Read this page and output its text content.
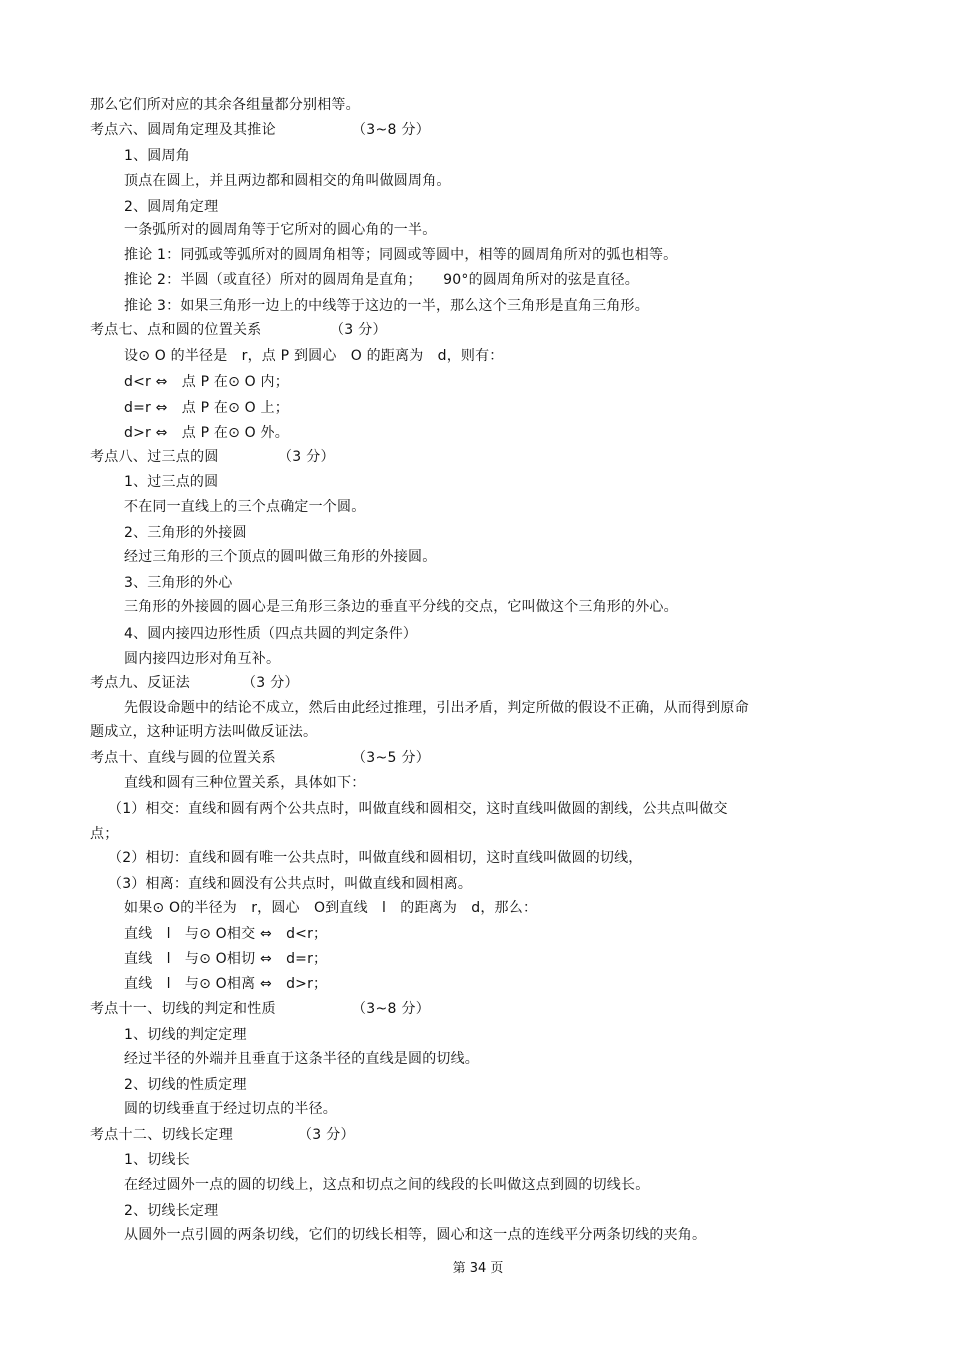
那么它们所对应的其余各组量都分别相等。
考点六、圆周角定理及其推论	（3~8 分）
1、圆周角
顶点在圆上，并且两边都和圆相交的角叫做圆周角。
2、圆周角定理
一条弧所对的圆周角等于它所对的圆心角的一半。
推论 1：同弧或等弧所对的圆周角相等；同圆或等圆中，相等的圆周角所对的弧也相等。
推论 2：半圆（或直径）所对的圆周角是直角；　　90°的圆周角所对的弦是直径。
推论 3：如果三角形一边上的中线等于这边的一半，那么这个三角形是直角三角形。
考点七、点和圆的位置关系	（3 分）
设⊙ O 的半径是　r，点 P 到圆心　O 的距离为　d，则有：
d<r ⇔　点 P 在⊙ O 内；
d=r ⇔　点 P 在⊙ O 上；
d>r ⇔　点 P 在⊙ O 外。
考点八、过三点的圆	（3 分）
1、过三点的圆
不在同一直线上的三个点确定一个圆。
2、三角形的外接圆
经过三角形的三个顶点的圆叫做三角形的外接圆。
3、三角形的外心
三角形的外接圆的圆心是三角形三条边的垂直平分线的交点，它叫做这个三角形的外心。
4、圆内接四边形性质（四点共圆的判定条件）
圆内接四边形对角互补。
考点九、反证法	（3 分）
先假设命题中的结论不成立，然后由此经过推理，引出矛盾，判定所做的假设不正确，从而得到原命
题成立，这种证明方法叫做反证法。
考点十、直线与圆的位置关系	（3~5 分）
直线和圆有三种位置关系，具体如下：
（1）相交：直线和圆有两个公共点时，叫做直线和圆相交，这时直线叫做圆的割线，公共点叫做交
点；
（2）相切：直线和圆有唯一公共点时，叫做直线和圆相切，这时直线叫做圆的切线，
（3）相离：直线和圆没有公共点时，叫做直线和圆相离。
如果⊙ O的半径为　r，圆心　O到直线　l　的距离为　d，那么：
直线　l　与⊙ O相交 ⇔　d<r；
直线　l　与⊙ O相切 ⇔　d=r；
直线　l　与⊙ O相离 ⇔　d>r；
考点十一、切线的判定和性质	（3~8 分）
1、切线的判定定理
经过半径的外端并且垂直于这条半径的直线是圆的切线。
2、切线的性质定理
圆的切线垂直于经过切点的半径。
考点十二、切线长定理	（3 分）
1、切线长
在经过圆外一点的圆的切线上，这点和切点之间的线段的长叫做这点到圆的切线长。
2、切线长定理
从圆外一点引圆的两条切线，它们的切线长相等，圆心和这一点的连线平分两条切线的夹角。
第 34 页
